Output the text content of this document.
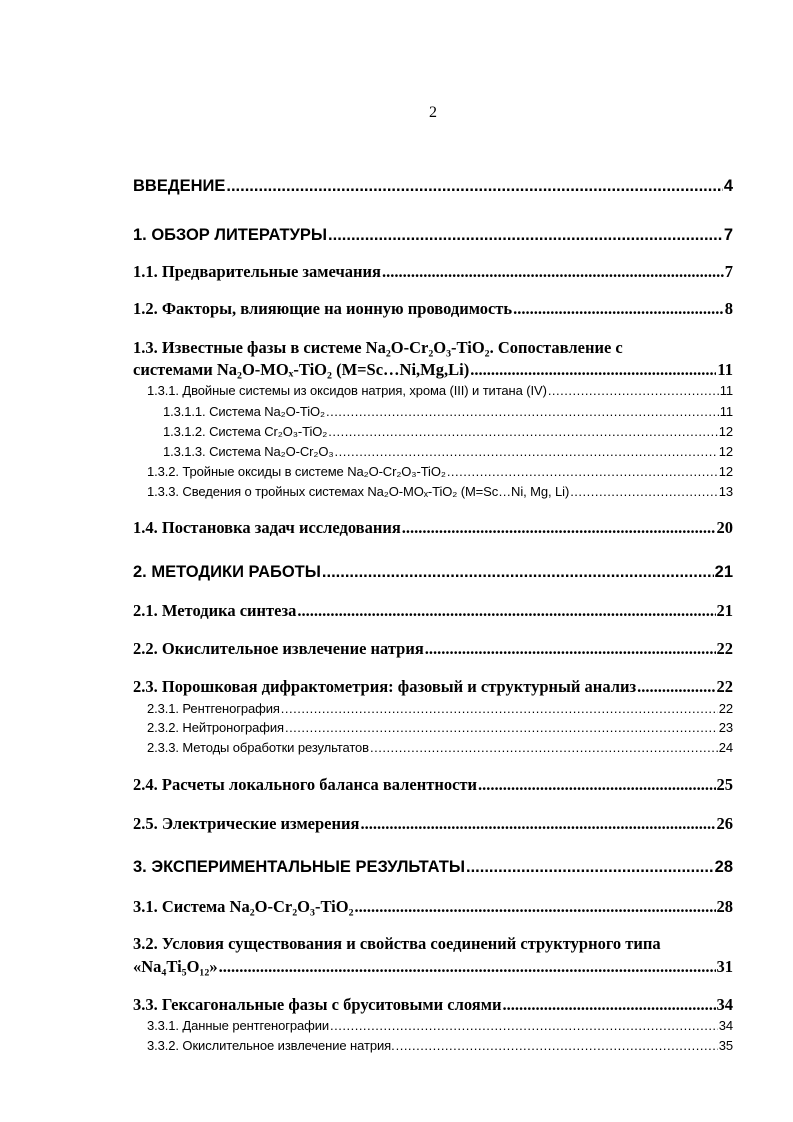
2
ВВЕДЕНИЕ .....	4
1. ОБЗОР ЛИТЕРАТУРЫ .....	7
1.1. Предварительные замечания .....	7
1.2. Факторы, влияющие на ионную проводимость .....	8
1.3. Известные фазы в системе Na₂O-Cr₂O₃-TiO₂. Сопоставление с
системами Na₂O-MOₓ-TiO₂ (M=Sc…Ni,Mg,Li) .....	11
1.3.1. Двойные системы из оксидов натрия, хрома (III) и титана (IV) .....	11
1.3.1.1. Система Na₂O-TiO₂ .....	11
1.3.1.2. Система Cr₂O₃-TiO₂ .....	12
1.3.1.3. Система Na₂O-Cr₂O₃ .....	12
1.3.2. Тройные оксиды в системе Na₂O-Cr₂O₃-TiO₂ .....	12
1.3.3. Сведения о тройных системах Na₂O-MOₓ-TiO₂ (M=Sc…Ni, Mg, Li) .....	13
1.4. Постановка задач исследования .....	20
2. МЕТОДИКИ РАБОТЫ .....	21
2.1. Методика синтеза .....	21
2.2. Окислительное извлечение натрия .....	22
2.3. Порошковая дифрактометрия: фазовый и структурный анализ .....	22
2.3.1. Рентгенография .....	22
2.3.2. Нейтронография .....	23
2.3.3. Методы обработки результатов .....	24
2.4. Расчеты локального баланса валентности .....	25
2.5. Электрические измерения .....	26
3. ЭКСПЕРИМЕНТАЛЬНЫЕ РЕЗУЛЬТАТЫ .....	28
3.1. Система Na₂O-Cr₂O₃-TiO₂ .....	28
3.2. Условия существования и свойства соединений структурного типа
«Na₄Ti₅O₁₂» .....	31
3.3. Гексагональные фазы с бруситовыми слоями .....	34
3.3.1. Данные рентгенографии .....	34
3.3.2. Окислительное извлечение натрия. .....	35
